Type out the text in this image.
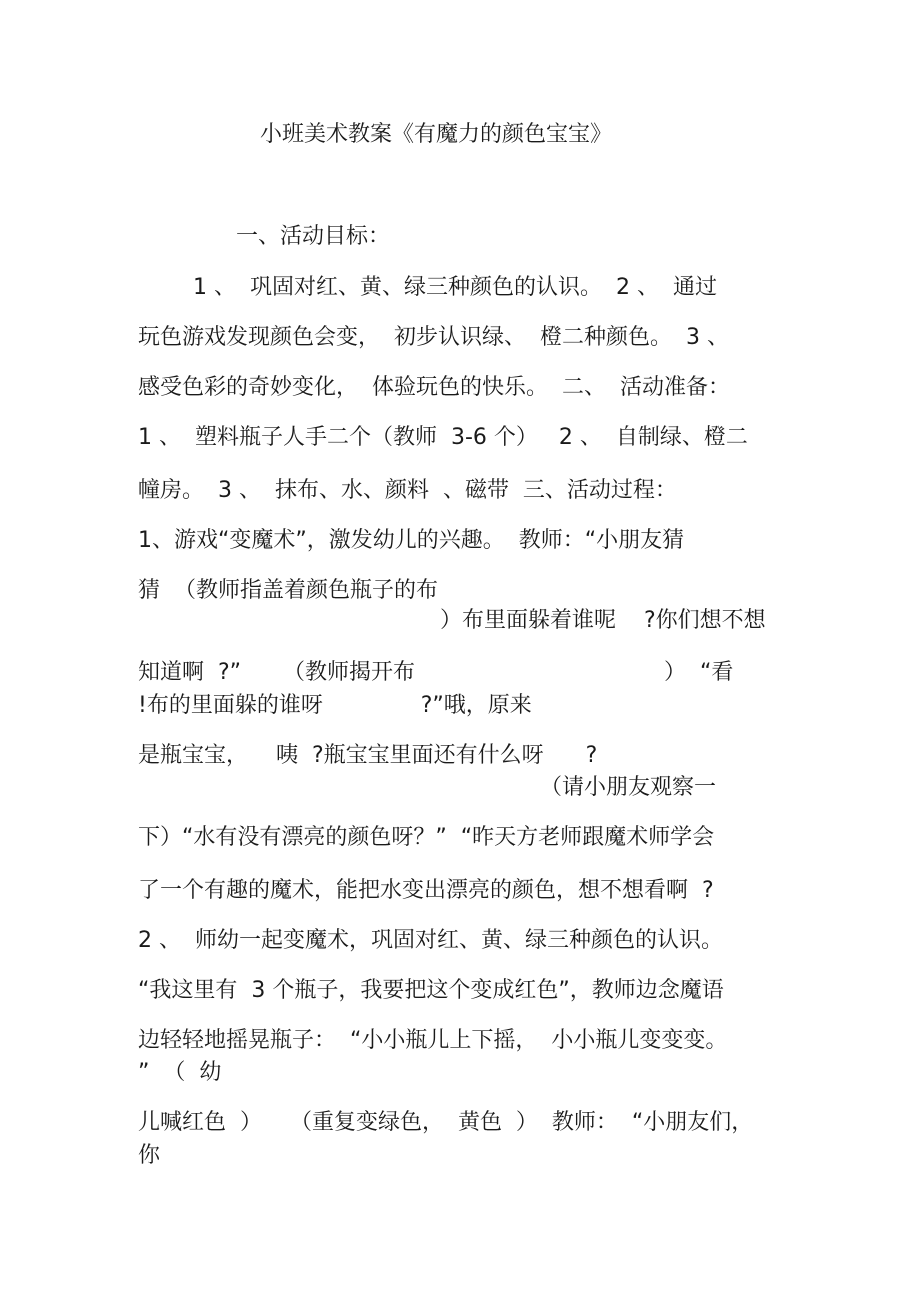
小班美术教案《有魔力的颜色宝宝》

一、活动目标：

1 、  巩固对红、黄、绿三种颜色的认识。  2 、  通过

玩色游戏发现颜色会变，  初步认识绿、  橙二种颜色。  3 、

感受色彩的奇妙变化，  体验玩色的快乐。  二、  活动准备：

1 、  塑料瓶子人手二个（教师  3-6 个）   2 、  自制绿、橙二

幢房。  3 、  抹布、水、颜料  、磁带  三、活动过程：

1、游戏“变魔术”，激发幼儿的兴趣。  教师：“小朋友猜

猜  （教师指盖着颜色瓶子的布

）布里面躲着谁呢    ?你们想不想

知道啊  ?”      （教师揭开布	）  “看

!布的里面躲的谁呀              ?”哦，原来

是瓶宝宝，    咦  ?瓶宝宝里面还有什么呀      ?

（请小朋友观察一

下）“水有没有漂亮的颜色呀？”  “昨天方老师跟魔术师学会

了一个有趣的魔术，能把水变出漂亮的颜色，想不想看啊  ?

2 、  师幼一起变魔术，巩固对红、黄、绿三种颜色的认识。

“我这里有  3 个瓶子，我要把这个变成红色”，教师边念魔语

边轻轻地摇晃瓶子：  “小小瓶儿上下摇，  小小瓶儿变变变。

”  （  幼

儿喊红色  ）    （重复变绿色，  黄色  ）  教师：  “小朋友们，

你
